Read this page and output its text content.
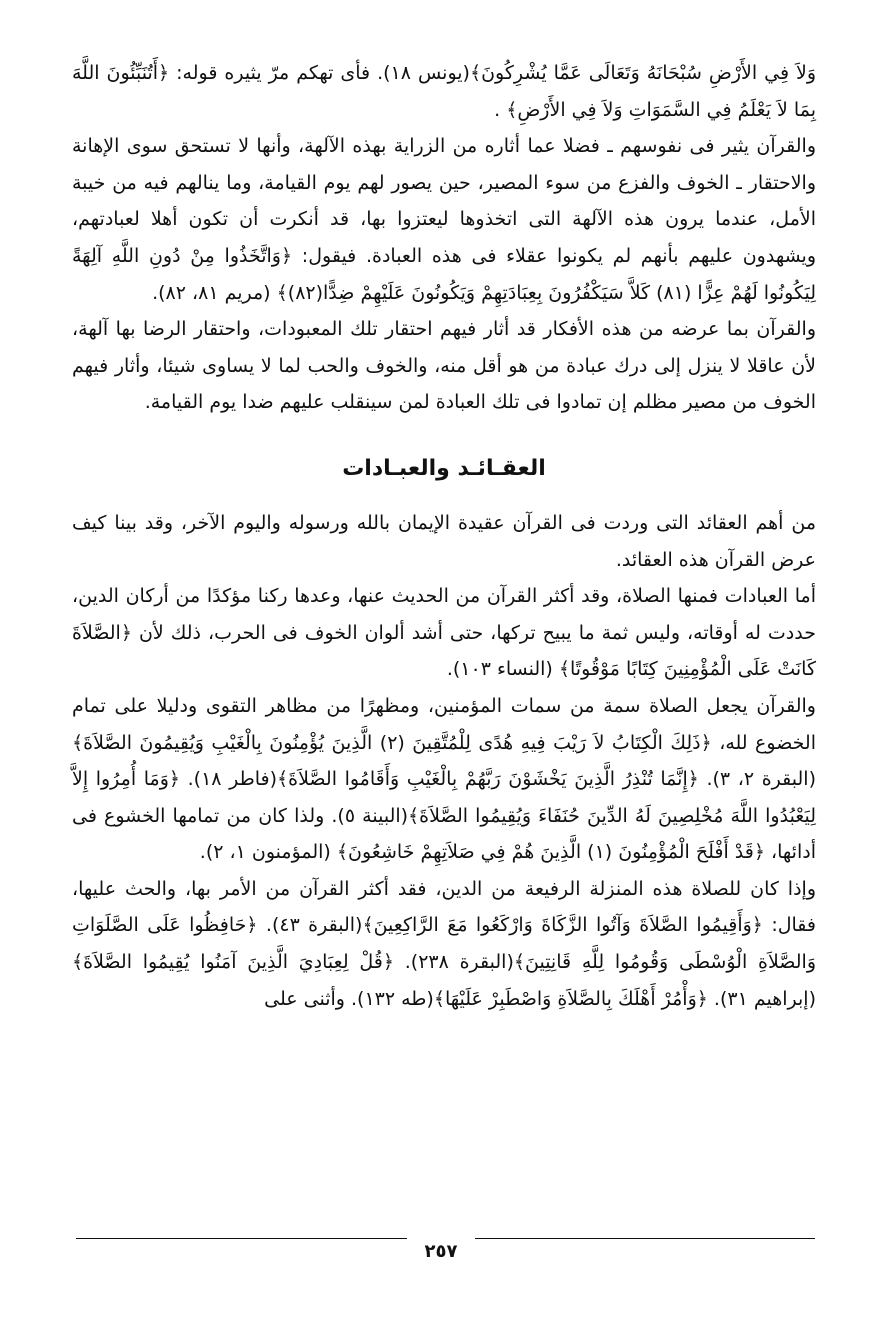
وَلاَ فِي الأَرْضِ سُبْحَانَهُ وَتَعَالَى عَمَّا يُشْرِكُونَ﴾(يونس ١٨). فأى تهكم مرّ يثيره قوله: ﴿أَتُنَبِّئُونَ اللَّهَ بِمَا لاَ يَعْلَمُ فِي السَّمَوَاتِ وَلاَ فِي الأَرْضِ﴾ .

والقرآن يثير فى نفوسهم ـ فضلا عما أثاره من الزراية بهذه الآلهة، وأنها لا تستحق سوى الإهانة والاحتقار ـ الخوف والفزع من سوء المصير، حين يصور لهم يوم القيامة، وما ينالهم فيه من خيبة الأمل، عندما يرون هذه الآلهة التى اتخذوها ليعتزوا بها، قد أنكرت أن تكون أهلا لعبادتهم، ويشهدون عليهم بأنهم لم يكونوا عقلاء فى هذه العبادة. فيقول: ﴿وَاتَّخَذُوا مِنْ دُونِ اللَّهِ آلِهَةً لِيَكُونُوا لَهُمْ عِزًّا (٨١) كَلاَّ سَيَكْفُرُونَ بِعِبَادَتِهِمْ وَيَكُونُونَ عَلَيْهِمْ ضِدًّا(٨٢)﴾ (مريم ٨١، ٨٢).

والقرآن بما عرضه من هذه الأفكار قد أثار فيهم احتقار تلك المعبودات، واحتقار الرضا بها آلهة، لأن عاقلا لا ينزل إلى درك عبادة من هو أقل منه، والخوف والحب لما لا يساوى شيئا، وأثار فيهم الخوف من مصير مظلم إن تمادوا فى تلك العبادة لمن سينقلب عليهم ضدا يوم القيامة.

العقـائـد والعبـادات

من أهم العقائد التى وردت فى القرآن عقيدة الإيمان بالله ورسوله واليوم الآخر، وقد بينا كيف عرض القرآن هذه العقائد.

أما العبادات فمنها الصلاة، وقد أكثر القرآن من الحديث عنها، وعدها ركنا مؤكدًا من أركان الدين، حددت له أوقاته، وليس ثمة ما يبيح تركها، حتى أشد ألوان الخوف فى الحرب، ذلك لأن ﴿الصَّلاَةَ كَانَتْ عَلَى الْمُؤْمِنِينَ كِتَابًا مَوْقُوتًا﴾ (النساء ١٠٣).

والقرآن يجعل الصلاة سمة من سمات المؤمنين، ومظهرًا من مظاهر التقوى ودليلا على تمام الخضوع لله، ﴿ذَلِكَ الْكِتَابُ لاَ رَيْبَ فِيهِ هُدًى لِلْمُتَّقِينَ (٢) الَّذِينَ يُؤْمِنُونَ بِالْغَيْبِ وَيُقِيمُونَ الصَّلاَةَ﴾(البقرة ٢، ٣). ﴿إِنَّمَا تُنْذِرُ الَّذِينَ يَخْشَوْنَ رَبَّهُمْ بِالْغَيْبِ وَأَقَامُوا الصَّلاَةَ﴾(فاطر ١٨). ﴿وَمَا أُمِرُوا إِلاَّ لِيَعْبُدُوا اللَّهَ مُخْلِصِينَ لَهُ الدِّينَ حُنَفَاءَ وَيُقِيمُوا الصَّلاَةَ﴾(البينة ٥). ولذا كان من تمامها الخشوع فى أدائها، ﴿قَدْ أَفْلَحَ الْمُؤْمِنُونَ (١) الَّذِينَ هُمْ فِي صَلاَتِهِمْ خَاشِعُونَ﴾ (المؤمنون ١، ٢).

وإذا كان للصلاة هذه المنزلة الرفيعة من الدين، فقد أكثر القرآن من الأمر بها، والحث عليها، فقال: ﴿وَأَقِيمُوا الصَّلاَةَ وَآتُوا الزَّكَاةَ وَارْكَعُوا مَعَ الرَّاكِعِينَ﴾(البقرة ٤٣). ﴿حَافِظُوا عَلَى الصَّلَوَاتِ وَالصَّلاَةِ الْوُسْطَى وَقُومُوا لِلَّهِ قَانِتِينَ﴾(البقرة ٢٣٨). ﴿قُلْ لِعِبَادِيَ الَّذِينَ آمَنُوا يُقِيمُوا الصَّلاَةَ﴾(إبراهيم ٣١). ﴿وَأْمُرْ أَهْلَكَ بِالصَّلاَةِ وَاصْطَبِرْ عَلَيْهَا﴾(طه ١٣٢). وأثنى على

٢٥٧
